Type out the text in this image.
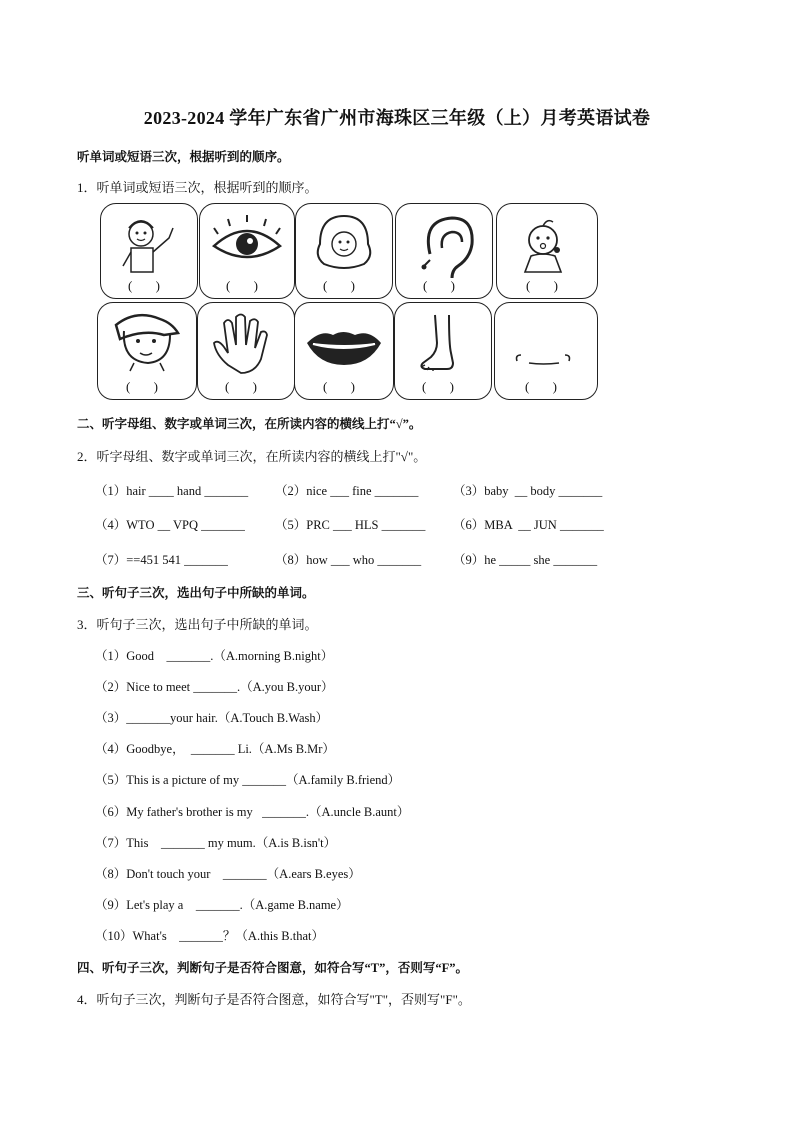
2023-2024 学年广东省广州市海珠区三年级（上）月考英语试卷
听单词或短语三次，根据听到的顺序。
1．听单词或短语三次，根据听到的顺序。
( )	( )	( )	( )	( )
( )	( )	( )	( )	( )
二、听字母组、数字或单词三次，在所读内容的横线上打“√”。
2．听字母组、数字或单词三次，在所读内容的横线上打"√"。
（1）hair ____ hand _______ （2）nice ___ fine _______	（3）baby  __ body _______
（4）WTO __ VPQ _______ （5）PRC ___ HLS _______ （6）MBA  __ JUN _______
（7）==451 541 _______	（8）how ___ who _______	（9）he _____ she _______
三、听句子三次，选出句子中所缺的单词。
3．听句子三次，选出句子中所缺的单词。
（1）Good    _______.（A.morning B.night）
（2）Nice to meet _______.（A.you B.your）
（3）_______your hair.（A.Touch B.Wash）
（4）Goodbye，  _______ Li.（A.Ms B.Mr）
（5）This is a picture of my _______（A.family B.friend）
（6）My father's brother is my   _______.（A.uncle B.aunt）
（7）This    _______ my mum.（A.is B.isn't）
（8）Don't touch your    _______（A.ears B.eyes）
（9）Let's play a    _______.（A.game B.name）
（10）What's    _______？（A.this B.that）
四、听句子三次，判断句子是否符合图意，如符合写“T”，否则写“F”。
4．听句子三次，判断句子是否符合图意，如符合写"T"，否则写"F"。
